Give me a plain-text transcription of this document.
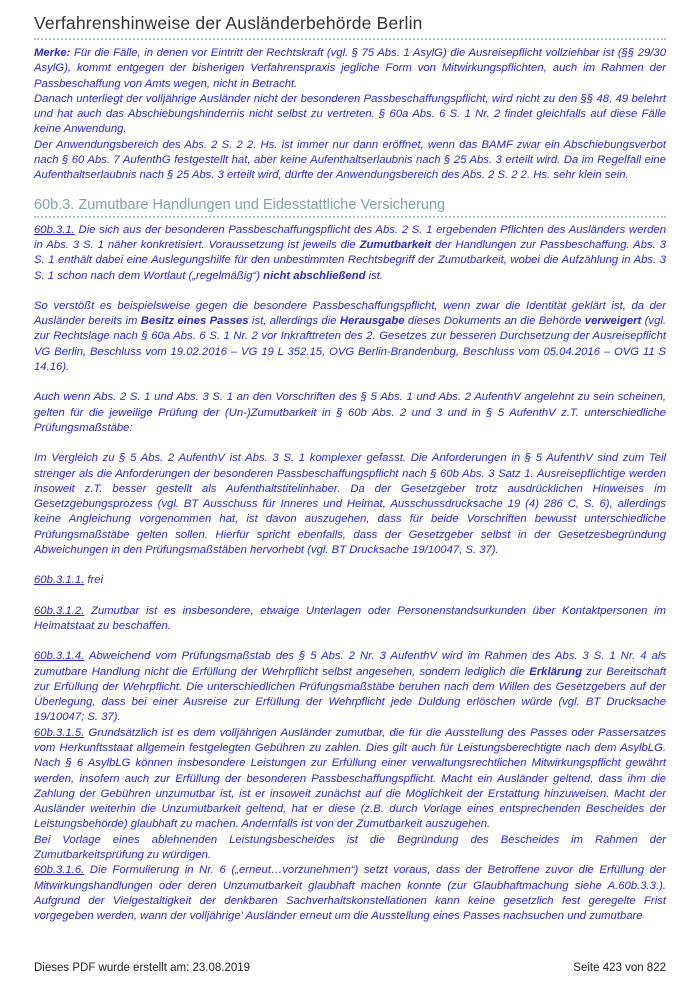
Verfahrenshinweise der Ausländerbehörde Berlin

Merke: Für die Fälle, in denen vor Eintritt der Rechtskraft (vgl. § 75 Abs. 1 AsylG) die Ausreisepflicht vollziehbar ist (§§ 29/30 AsylG), kommt entgegen der bisherigen Verfahrenspraxis jegliche Form von Mitwirkungspflichten, auch im Rahmen der Passbeschaffung von Amts wegen, nicht in Betracht.

Danach unterliegt der volljährige Ausländer nicht der besonderen Passbeschaffungspflicht, wird nicht zu den §§ 48, 49 belehrt und hat auch das Abschiebungshindernis nicht selbst zu vertreten. § 60a Abs. 6 S. 1 Nr. 2 findet gleichfalls auf diese Fälle keine Anwendung.

Der Anwendungsbereich des Abs. 2 S. 2 2. Hs. ist immer nur dann eröffnet, wenn das BAMF zwar ein Abschiebungsverbot nach § 60 Abs. 7 AufenthG festgestellt hat, aber keine Aufenthaltserlaubnis nach § 25 Abs. 3 erteilt wird. Da im Regelfall eine Aufenthaltserlaubnis nach § 25 Abs. 3 erteilt wird, dürfte der Anwendungsbereich des Abs. 2 S. 2 2. Hs. sehr klein sein.

60b.3. Zumutbare Handlungen und Eidesstattliche Versicherung

60b.3.1. Die sich aus der besonderen Passbeschaffungspflicht des Abs. 2 S. 1 ergebenden Pflichten des Ausländers werden in Abs. 3 S. 1 näher konkretisiert. Voraussetzung ist jeweils die Zumutbarkeit der Handlungen zur Passbeschaffung. Abs. 3 S. 1 enthält dabei eine Auslegungshilfe für den unbestimmten Rechtsbegriff der Zumutbarkeit, wobei die Aufzählung in Abs. 3 S. 1 schon nach dem Wortlaut („regelmäßig“) nicht abschließend ist.

So verstößt es beispielsweise gegen die besondere Passbeschaffungspflicht, wenn zwar die Identität geklärt ist, da der Ausländer bereits im Besitz eines Passes ist, allerdings die Herausgabe dieses Dokuments an die Behörde verweigert (vgl. zur Rechtslage nach § 60a Abs. 6 S. 1 Nr. 2 vor Inkrafttreten des 2. Gesetzes zur besseren Durchsetzung der Ausreisepflicht VG Berlin, Beschluss vom 19.02.2016 – VG 19 L 352.15, OVG Berlin-Brandenburg, Beschluss vom 05.04.2016 – OVG 11 S 14.16).

Auch wenn Abs. 2 S. 1 und Abs. 3 S. 1 an den Vorschriften des § 5 Abs. 1 und Abs. 2 AufenthV angelehnt zu sein scheinen, gelten für die jeweilige Prüfung der (Un-)Zumutbarkeit in § 60b Abs. 2 und 3 und in § 5 AufenthV z.T. unterschiedliche Prüfungsmaßstäbe:

Im Vergleich zu § 5 Abs. 2 AufenthV ist Abs. 3 S. 1 komplexer gefasst. Die Anforderungen in § 5 AufenthV sind zum Teil strenger als die Anforderungen der besonderen Passbeschaffungspflicht nach § 60b Abs. 3 Satz 1. Ausreisepflichtige werden insoweit z.T. besser gestellt als Aufenthaltstitelinhaber. Da der Gesetzgeber trotz ausdrücklichen Hinweises im Gesetzgebungsprozess (vgl. BT Ausschuss für Inneres und Heimat, Ausschussdrucksache 19 (4) 286 C, S. 6), allerdings keine Angleichung vorgenommen hat, ist davon auszugehen, dass für beide Vorschriften bewusst unterschiedliche Prüfungsmaßstäbe gelten sollen. Hierfür spricht ebenfalls, dass der Gesetzgeber selbst in der Gesetzesbegründung Abweichungen in den Prüfungsmaßstäben hervorhebt (vgl. BT Drucksache 19/10047, S. 37).

60b.3.1.1. frei

60b.3.1.2. Zumutbar ist es insbesondere, etwaige Unterlagen oder Personenstandsurkunden über Kontaktpersonen im Heimatstaat zu beschaffen.

60b.3.1.4. Abweichend vom Prüfungsmaßstab des § 5 Abs. 2 Nr. 3 AufenthV wird im Rahmen des Abs. 3 S. 1 Nr. 4 als zumutbare Handlung nicht die Erfüllung der Wehrpflicht selbst angesehen, sondern lediglich die Erklärung zur Bereitschaft zur Erfüllung der Wehrpflicht. Die unterschiedlichen Prüfungsmaßstäbe beruhen nach dem Willen des Gesetzgebers auf der Überlegung, dass bei einer Ausreise zur Erfüllung der Wehrpflicht jede Duldung erlöschen würde (vgl. BT Drucksache 19/10047; S. 37).

60b.3.1.5. Grundsätzlich ist es dem volljährigen Ausländer zumutbar, die für die Ausstellung des Passes oder Passersatzes vom Herkunftsstaat allgemein festgelegten Gebühren zu zahlen. Dies gilt auch für Leistungsberechtigte nach dem AsylbLG. Nach § 6 AsylbLG können insbesondere Leistungen zur Erfüllung einer verwaltungsrechtlichen Mitwirkungspflicht gewährt werden, insofern auch zur Erfüllung der besonderen Passbeschaffungspflicht. Macht ein Ausländer geltend, dass ihm die Zahlung der Gebühren unzumutbar ist, ist er insoweit zunächst auf die Möglichkeit der Erstattung hinzuweisen. Macht der Ausländer weiterhin die Unzumutbarkeit geltend, hat er diese (z.B. durch Vorlage eines entsprechenden Bescheides der Leistungsbehörde) glaubhaft zu machen. Andernfalls ist von der Zumutbarkeit auszugehen.

Bei Vorlage eines ablehnenden Leistungsbescheides ist die Begründung des Bescheides im Rahmen der Zumutbarkeitsprüfung zu würdigen.

60b.3.1.6. Die Formulierung in Nr. 6 („erneut…vorzunehmen“) setzt voraus, dass der Betroffene zuvor die Erfüllung der Mitwirkungshandlungen oder deren Unzumutbarkeit glaubhaft machen konnte (zur Glaubhaftmachung siehe A.60b.3.3.). Aufgrund der Vielgestaltigkeit der denkbaren Sachverhaltskonstellationen kann keine gesetzlich fest geregelte Frist vorgegeben werden, wann der volljährige' Ausländer erneut um die Ausstellung eines Passes nachsuchen und zumutbare

Dieses PDF wurde erstellt am: 23.08.2019	Seite 423 von 822
